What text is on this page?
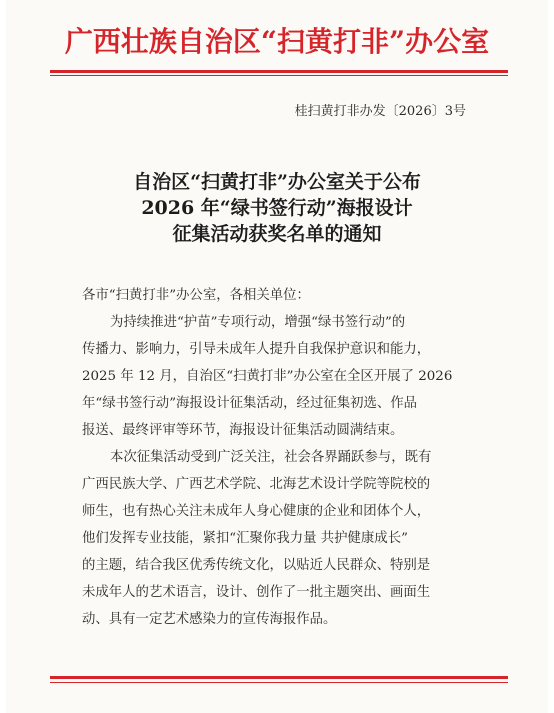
广西壮族自治区“扫黄打非”办公室
桂扫黄打非办发〔2026〕3号
自治区“扫黄打非”办公室关于公布
2026 年“绿书签行动”海报设计
征集活动获奖名单的通知
各市“扫黄打非”办公室，各相关单位：
为持续推进“护苗”专项行动，增强“绿书签行动”的
传播力、影响力，引导未成年人提升自我保护意识和能力，
2025 年 12 月，自治区“扫黄打非”办公室在全区开展了 2026
年“绿书签行动”海报设计征集活动，经过征集初选、作品
报送、最终评审等环节，海报设计征集活动圆满结束。
本次征集活动受到广泛关注，社会各界踊跃参与，既有
广西民族大学、广西艺术学院、北海艺术设计学院等院校的
师生，也有热心关注未成年人身心健康的企业和团体个人，
他们发挥专业技能，紧扣“汇聚你我力量 共护健康成长”
的主题，结合我区优秀传统文化，以贴近人民群众、特别是
未成年人的艺术语言，设计、创作了一批主题突出、画面生
动、具有一定艺术感染力的宣传海报作品。
